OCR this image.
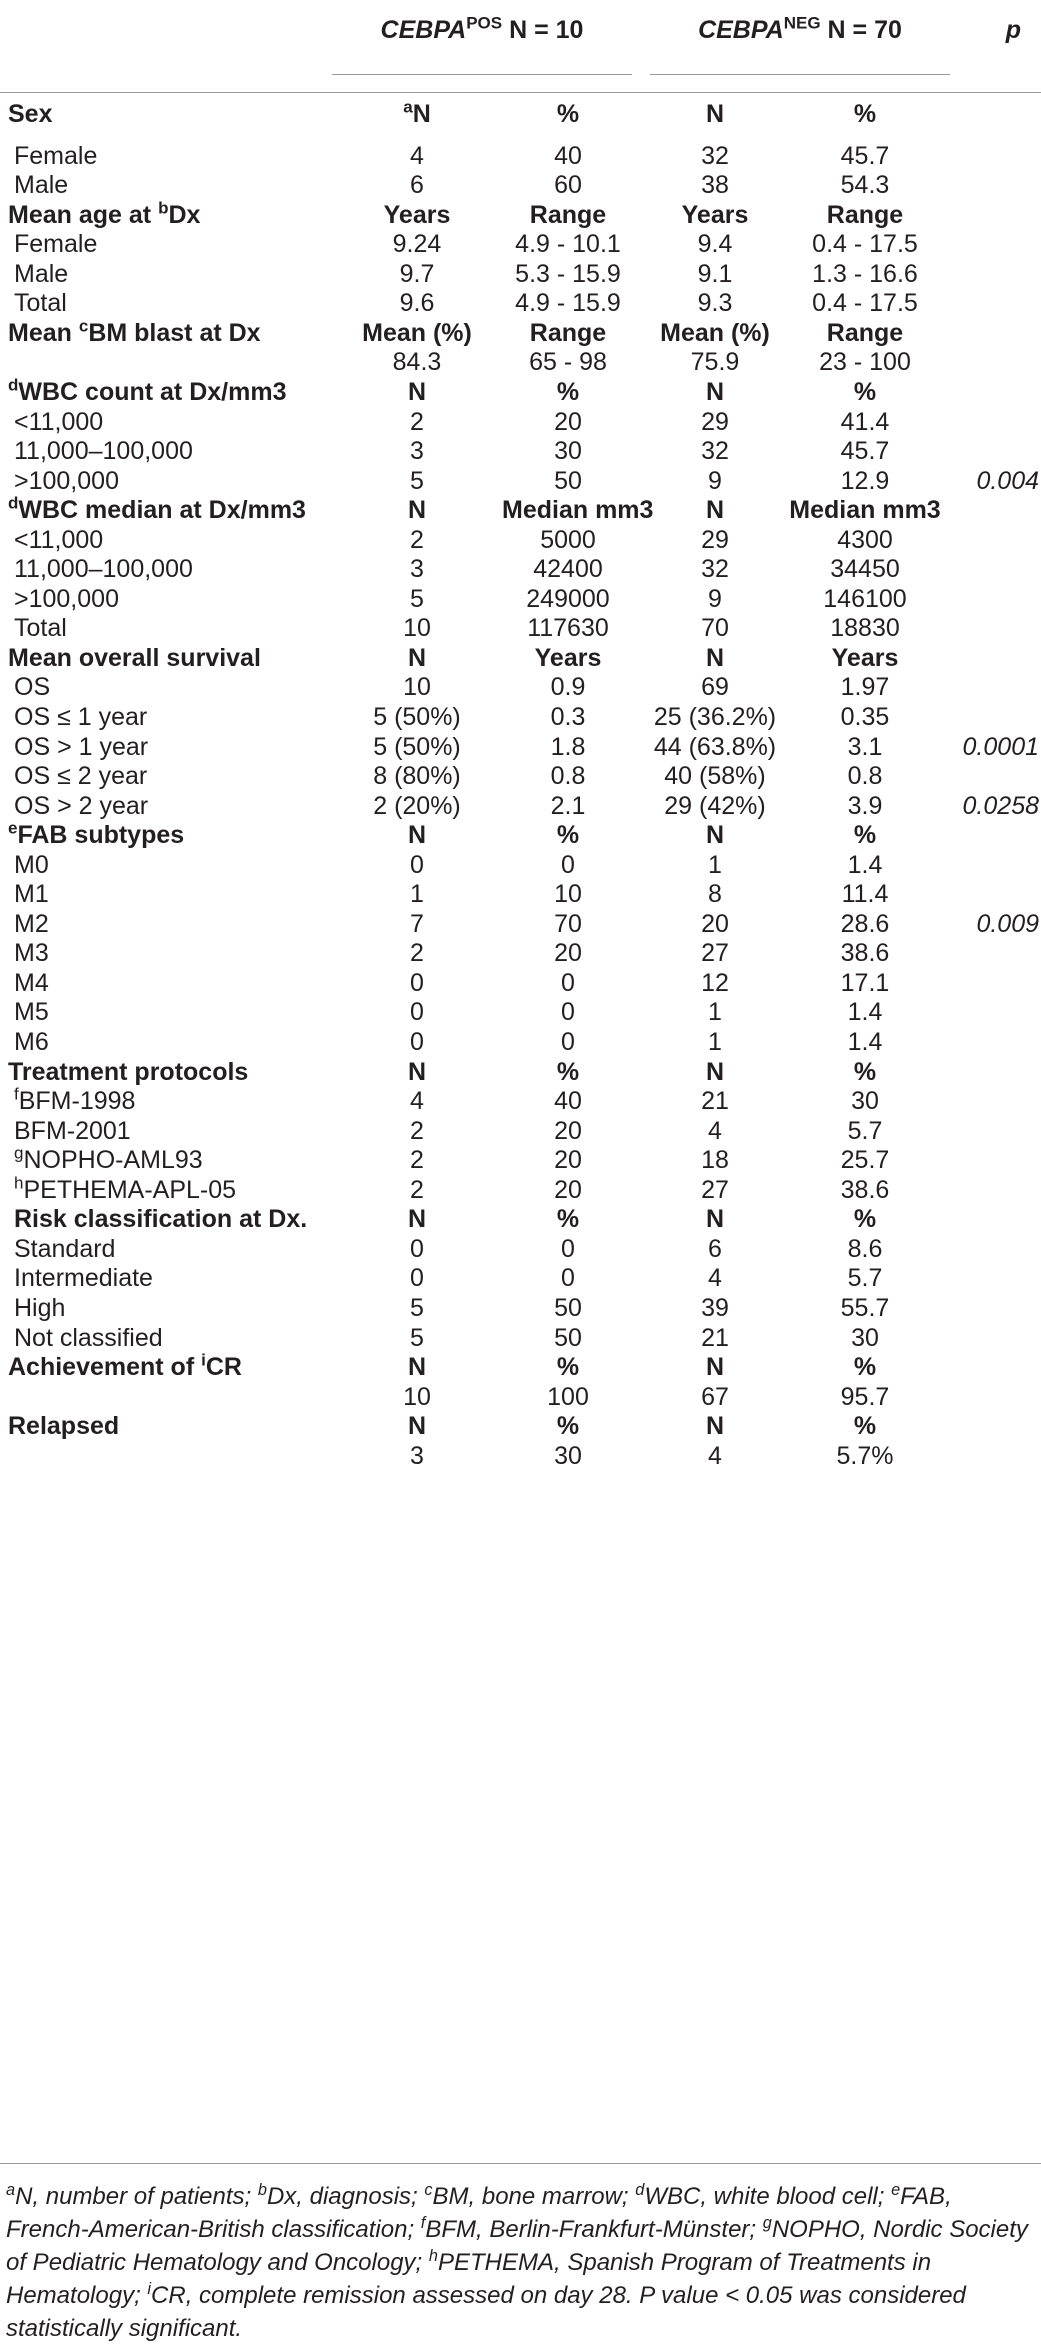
$CEBPA^{POS}$ N = 10	$CEBPA^{NEG}$ N = 70	p
Sex	$^a$N	%	N	%
Female	4	40	32	45.7
Male	6	60	38	54.3
Mean age at $^b$Dx	Years	Range	Years	Range
Female	9.24	4.9 - 10.1	9.4	0.4 - 17.5
Male	9.7	5.3 - 15.9	9.1	1.3 - 16.6
Total	9.6	4.9 - 15.9	9.3	0.4 - 17.5
Mean $^c$BM blast at Dx	Mean (%)	Range	Mean (%)	Range
84.3	65 - 98	75.9	23 - 100
$^d$WBC count at Dx/mm3	N	%	N	%
<11,000	2	20	29	41.4
11,000–100,000	3	30	32	45.7
>100,000	5	50	9	12.9	0.004
$^d$WBC median at Dx/mm3	N	Median mm3	N	Median mm3
<11,000	2	5000	29	4300
11,000–100,000	3	42400	32	34450
>100,000	5	249000	9	146100
Total	10	117630	70	18830
Mean overall survival	N	Years	N	Years
OS	10	0.9	69	1.97
OS ≤ 1 year	5 (50%)	0.3	25 (36.2%)	0.35
OS > 1 year	5 (50%)	1.8	44 (63.8%)	3.1	0.0001
OS ≤ 2 year	8 (80%)	0.8	40 (58%)	0.8
OS > 2 year	2 (20%)	2.1	29 (42%)	3.9	0.0258
$^e$FAB subtypes	N	%	N	%
M0	0	0	1	1.4
M1	1	10	8	11.4
M2	7	70	20	28.6	0.009
M3	2	20	27	38.6
M4	0	0	12	17.1
M5	0	0	1	1.4
M6	0	0	1	1.4
Treatment protocols	N	%	N	%
$^f$BFM-1998	4	40	21	30
BFM-2001	2	20	4	5.7
$^g$NOPHO-AML93	2	20	18	25.7
$^h$PETHEMA-APL-05	2	20	27	38.6
Risk classification at Dx.	N	%	N	%
Standard	0	0	6	8.6
Intermediate	0	0	4	5.7
High	5	50	39	55.7
Not classified	5	50	21	30
Achievement of $^i$CR	N	%	N	%
10	100	67	95.7
Relapsed	N	%	N	%
3	30	4	5.7%
$^a$N, number of patients; $^b$Dx, diagnosis; $^c$BM, bone marrow; $^d$WBC, white blood cell; $^e$FAB, French-American-British classification; $^f$BFM, Berlin-Frankfurt-Münster; $^g$NOPHO, Nordic Society of Pediatric Hematology and Oncology; $^h$PETHEMA, Spanish Program of Treatments in Hematology; $^i$CR, complete remission assessed on day 28. P value < 0.05 was considered statistically significant.
